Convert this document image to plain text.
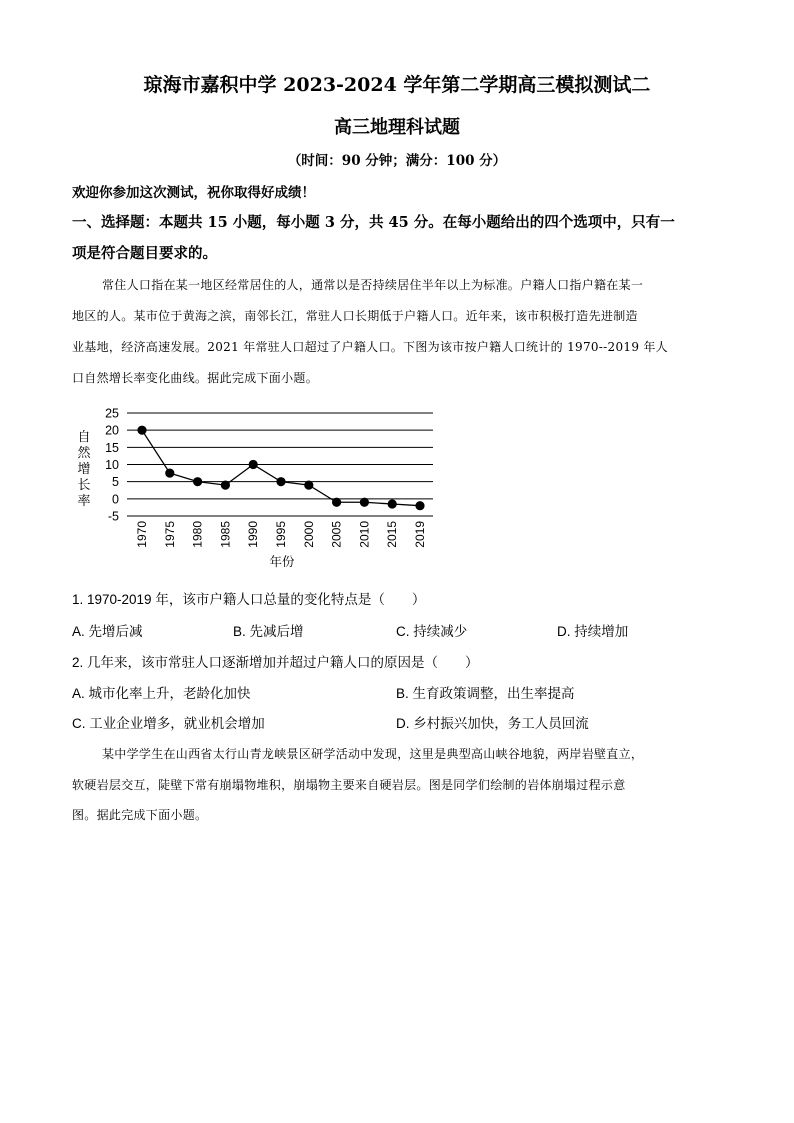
琼海市嘉积中学 2023-2024 学年第二学期高三模拟测试二
高三地理科试题
（时间：90 分钟；满分：100 分）
欢迎你参加这次测试，祝你取得好成绩！
一、选择题：本题共 15 小题，每小题 3 分，共 45 分。在每小题给出的四个选项中，只有一
项是符合题目要求的。
常住人口指在某一地区经常居住的人，通常以是否持续居住半年以上为标准。户籍人口指户籍在某一
地区的人。某市位于黄海之滨，南邻长江，常驻人口长期低于户籍人口。近年来，该市积极打造先进制造
业基地，经济高速发展。2021 年常驻人口超过了户籍人口。下图为该市按户籍人口统计的 1970--2019 年人
口自然增长率变化曲线。据此完成下面小题。
25
20
15
10
5
0
-5
1970 1975 1980 1985 1990 1995 2000 2005 2010 2015 2019
自
然
增
长
率
年份
1. 1970-2019 年，该市户籍人口总量的变化特点是（　　）
A. 先增后减	B. 先减后增	C. 持续减少	D. 持续增加
2. 几年来，该市常驻人口逐渐增加并超过户籍人口的原因是（　　）
A. 城市化率上升，老龄化加快	B. 生育政策调整，出生率提高
C. 工业企业增多，就业机会增加	D. 乡村振兴加快，务工人员回流
某中学学生在山西省太行山青龙峡景区研学活动中发现，这里是典型高山峡谷地貌，两岸岩壁直立，
软硬岩层交互，陡壁下常有崩塌物堆积，崩塌物主要来自硬岩层。图是同学们绘制的岩体崩塌过程示意
图。据此完成下面小题。
